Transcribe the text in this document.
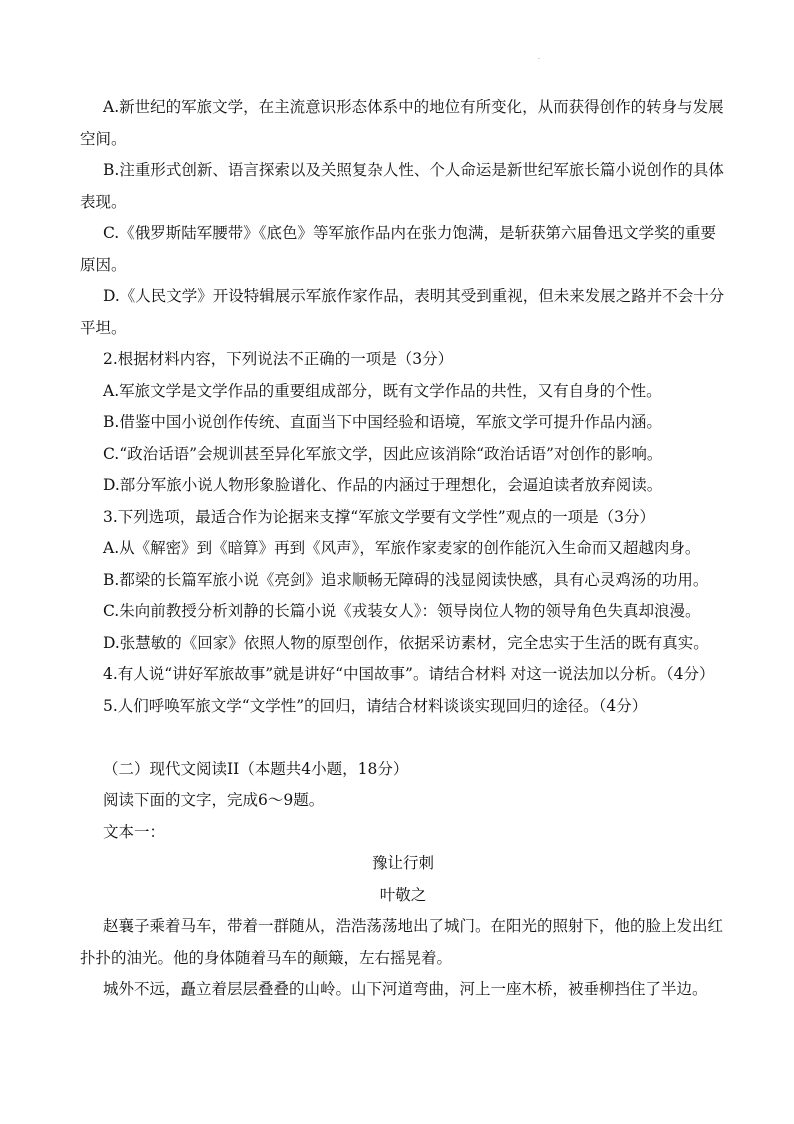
·

A.新世纪的军旅文学，在主流意识形态体系中的地位有所变化，从而获得创作的转身与发展空间。

B.注重形式创新、语言探索以及关照复杂人性、个人命运是新世纪军旅长篇小说创作的具体表现。

C.《俄罗斯陆军腰带》《底色》等军旅作品内在张力饱满，是斩获第六届鲁迅文学奖的重要原因。

D.《人民文学》开设特辑展示军旅作家作品，表明其受到重视，但未来发展之路并不会十分平坦。

2.根据材料内容，下列说法不正确的一项是（3分）

A.军旅文学是文学作品的重要组成部分，既有文学作品的共性，又有自身的个性。

B.借鉴中国小说创作传统、直面当下中国经验和语境，军旅文学可提升作品内涵。

C.“政治话语”会规训甚至异化军旅文学，因此应该消除“政治话语”对创作的影响。

D.部分军旅小说人物形象脸谱化、作品的内涵过于理想化，会逼迫读者放弃阅读。

3.下列选项，最适合作为论据来支撑“军旅文学要有文学性”观点的一项是（3分）

A.从《解密》到《暗算》再到《风声》，军旅作家麦家的创作能沉入生命而又超越肉身。

B.都梁的长篇军旅小说《亮剑》追求顺畅无障碍的浅显阅读快感，具有心灵鸡汤的功用。

C.朱向前教授分析刘静的长篇小说《戎装女人》：领导岗位人物的领导角色失真却浪漫。

D.张慧敏的《回家》依照人物的原型创作，依据采访素材，完全忠实于生活的既有真实。

4.有人说“讲好军旅故事”就是讲好“中国故事”。请结合材料 对这一说法加以分析。（4分）

5.人们呼唤军旅文学“文学性”的回归，请结合材料谈谈实现回归的途径。（4分）

（二）现代文阅读II（本题共4小题，18分）

阅读下面的文字，完成6～9题。

文本一：

豫让行刺

叶敬之

赵襄子乘着马车，带着一群随从，浩浩荡荡地出了城门。在阳光的照射下，他的脸上发出红扑扑的油光。他的身体随着马车的颠簸，左右摇晃着。

城外不远，矗立着层层叠叠的山岭。山下河道弯曲，河上一座木桥，被垂柳挡住了半边。
